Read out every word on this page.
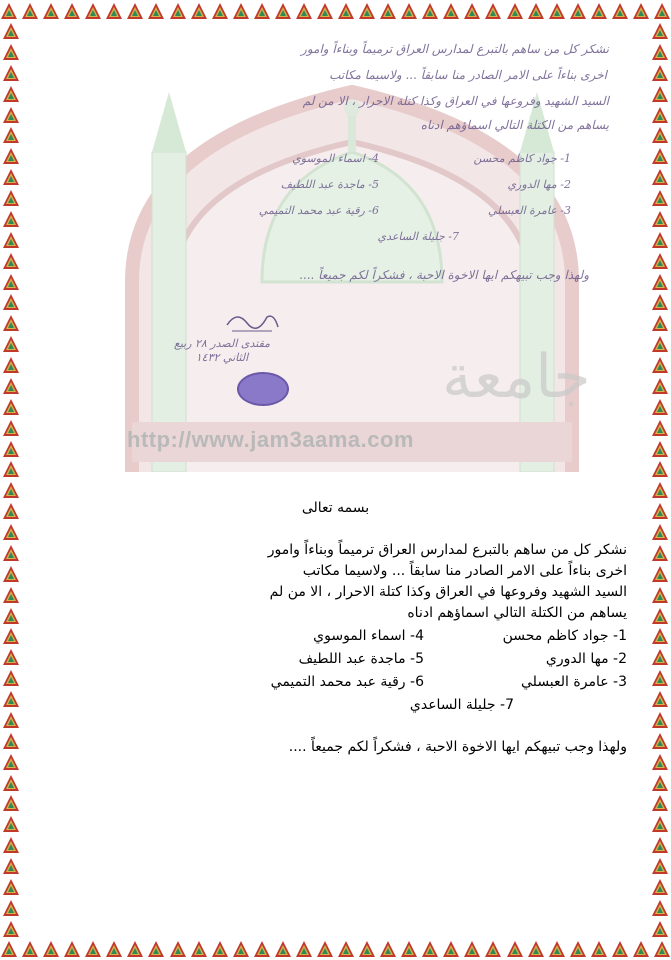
جامعة
http://www.jam3aama.com
نشكر كل من ساهم بالتبرع لمدارس العراق ترميماً وبناءاً وامور
اخرى بناءاً على الامر الصادر منا سابقاً ... ولاسيما مكاتب
السيد الشهيد وفروعها في العراق وكذا كتلة الاحرار ، الا من لم
يساهم من الكتلة التالي اسماؤهم ادناه
1- جواد كاظم محسن
4- اسماء الموسوي
2- مها الدوري
5- ماجدة عبد اللطيف
3- عامرة العبسلي
6- رقية عبد محمد التميمي
7- جليلة الساعدي
ولهذا وجب تبيهكم ايها الاخوة الاحبة ، فشكراً لكم جميعاً ....
مقتدى الصدر ٢٨ ربيع الثاني ١٤٣٢
بسمه تعالى
نشكر كل من ساهم بالتبرع لمدارس العراق ترميماً وبناءاً وامور
اخرى بناءاً على الامر الصادر منا سابقاً ... ولاسيما مكاتب
السيد الشهيد وفروعها في العراق وكذا كتلة الاحرار ، الا من لم
يساهم من الكتلة التالي اسماؤهم ادناه
1- جواد كاظم محسن
4- اسماء الموسوي
2- مها الدوري
5- ماجدة عبد اللطيف
3- عامرة العبسلي
6- رقية عبد محمد التميمي
7- جليلة الساعدي
ولهذا وجب تبيهكم ايها الاخوة الاحبة ، فشكراً لكم جميعاً ....
